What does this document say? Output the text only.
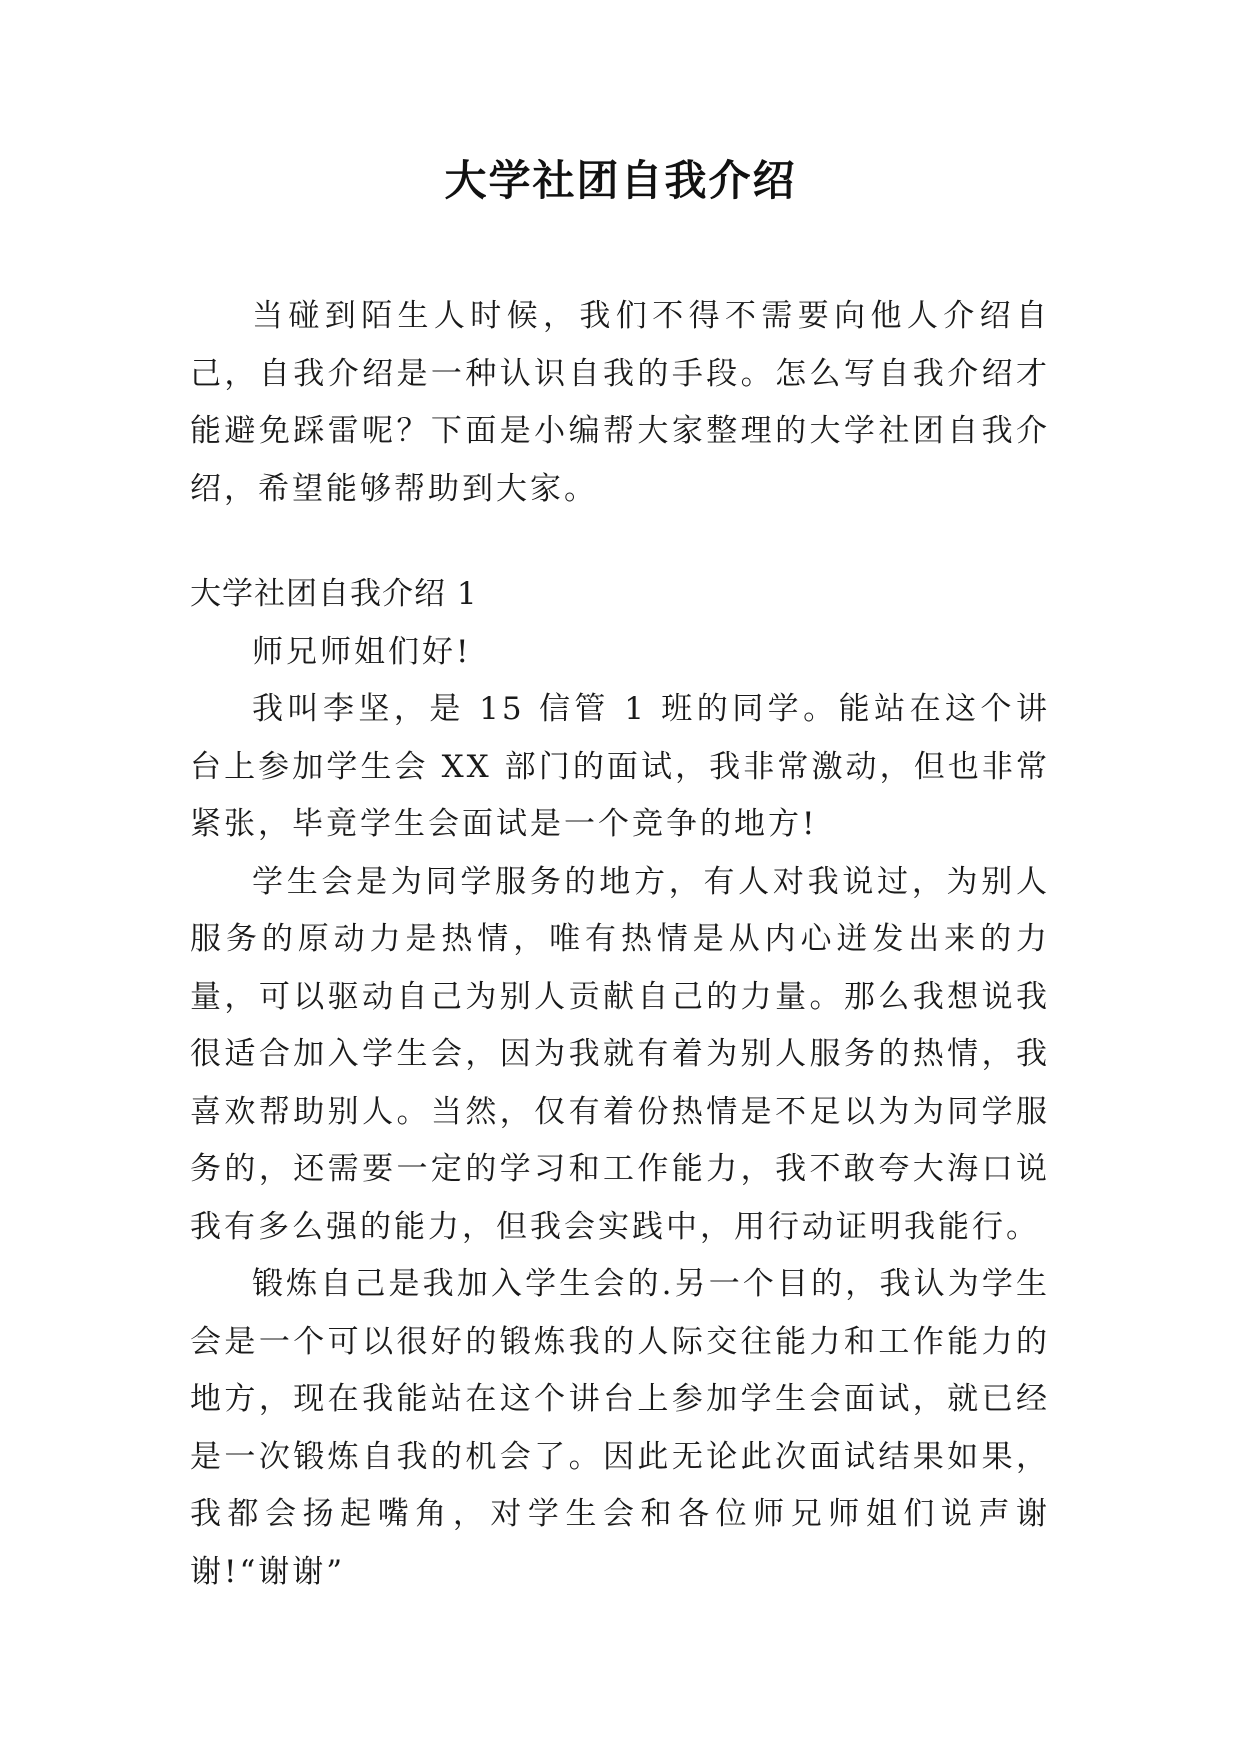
大学社团自我介绍

当碰到陌生人时候，我们不得不需要向他人介绍自己，自我介绍是一种认识自我的手段。怎么写自我介绍才能避免踩雷呢？下面是小编帮大家整理的大学社团自我介绍，希望能够帮助到大家。

大学社团自我介绍 1

师兄师姐们好!

我叫李坚，是 15 信管 1 班的同学。能站在这个讲台上参加学生会 XX 部门的面试，我非常激动，但也非常紧张，毕竟学生会面试是一个竞争的地方!

学生会是为同学服务的地方，有人对我说过，为别人服务的原动力是热情，唯有热情是从内心迸发出来的力量，可以驱动自己为别人贡献自己的力量。那么我想说我很适合加入学生会，因为我就有着为别人服务的热情，我喜欢帮助别人。当然，仅有着份热情是不足以为为同学服务的，还需要一定的学习和工作能力，我不敢夸大海口说我有多么强的能力，但我会实践中，用行动证明我能行。

锻炼自己是我加入学生会的.另一个目的，我认为学生会是一个可以很好的锻炼我的人际交往能力和工作能力的地方，现在我能站在这个讲台上参加学生会面试，就已经是一次锻炼自我的机会了。因此无论此次面试结果如果，我都会扬起嘴角，对学生会和各位师兄师姐们说声谢谢!“谢谢”
